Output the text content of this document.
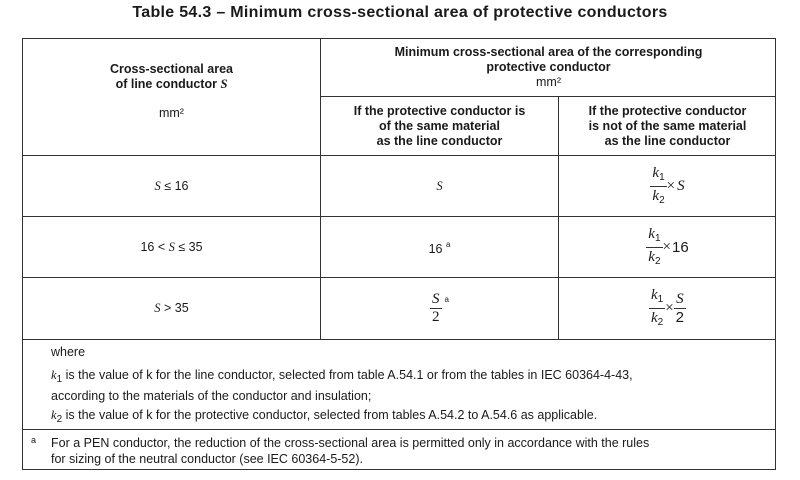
Table 54.3 – Minimum cross-sectional area of protective conductors
Cross-sectional area
of line conductor S
mm²
Minimum cross-sectional area of the corresponding
protective conductor
mm²
If the protective conductor is
of the same material
as the line conductor
If the protective conductor
is not of the same material
as the line conductor
S ≤ 16	S	$\frac{k_1}{k_2} \times S$
16 < S ≤ 35	16 $^a$	$\frac{k_1}{k_2} \times 16$
S > 35	$\frac{S}{2} ^a$	$\frac{k_1}{k_2} \times \frac{S}{2}$
where
$k_1$ is the value of k for the line conductor, selected from table A.54.1 or from the tables in IEC 60364-4-43,
according to the materials of the conductor and insulation;
$k_2$ is the value of k for the protective conductor, selected from tables A.54.2 to A.54.6 as applicable.
a For a PEN conductor, the reduction of the cross-sectional area is permitted only in accordance with the rules
for sizing of the neutral conductor (see IEC 60364-5-52).
